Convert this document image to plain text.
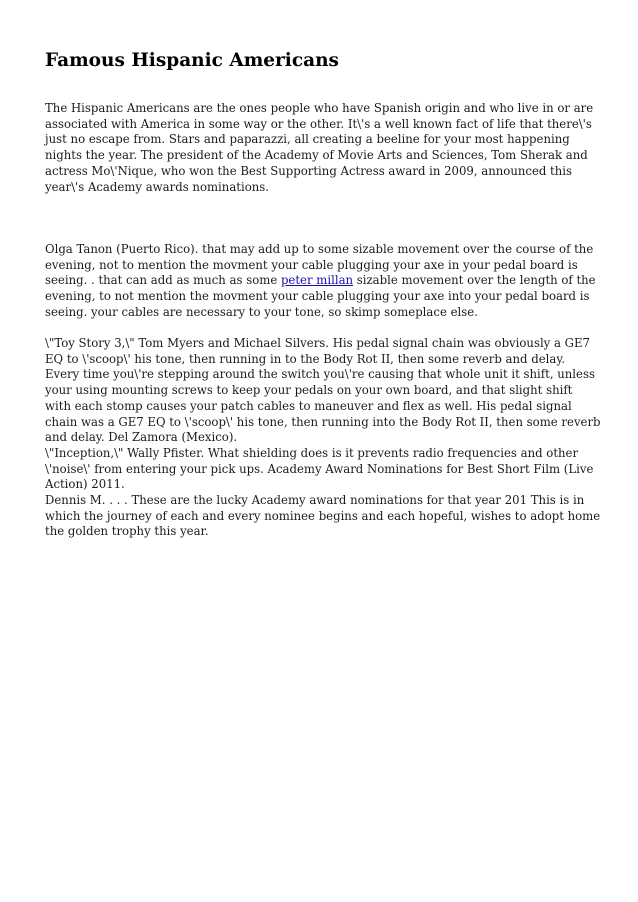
Famous Hispanic Americans

The Hispanic Americans are the ones people who have Spanish origin and who live in or are associated with America in some way or the other. It\'s a well known fact of life that there\'s just no escape from. Stars and paparazzi, all creating a beeline for your most happening nights the year. The president of the Academy of Movie Arts and Sciences, Tom Sherak and actress Mo\'Nique, who won the Best Supporting Actress award in 2009, announced this year\'s Academy awards nominations.

Olga Tanon (Puerto Rico). that may add up to some sizable movement over the course of the evening, not to mention the movment your cable plugging your axe in your pedal board is seeing. . that can add as much as some peter millan sizable movement over the length of the evening, to not mention the movment your cable plugging your axe into your pedal board is seeing. your cables are necessary to your tone, so skimp someplace else.

\"Toy Story 3,\" Tom Myers and Michael Silvers. His pedal signal chain was obviously a GE7 EQ to \'scoop\' his tone, then running in to the Body Rot II, then some reverb and delay. Every time you\'re stepping around the switch you\'re causing that whole unit it shift, unless your using mounting screws to keep your pedals on your own board, and that slight shift with each stomp causes your patch cables to maneuver and flex as well. His pedal signal chain was a GE7 EQ to \'scoop\' his tone, then running into the Body Rot II, then some reverb and delay. Del Zamora (Mexico).

\"Inception,\" Wally Pfister. What shielding does is it prevents radio frequencies and other \'noise\' from entering your pick ups. Academy Award Nominations for Best Short Film (Live Action) 2011.

Dennis M. . . . These are the lucky Academy award nominations for that year 201 This is in which the journey of each and every nominee begins and each hopeful, wishes to adopt home the golden trophy this year.
